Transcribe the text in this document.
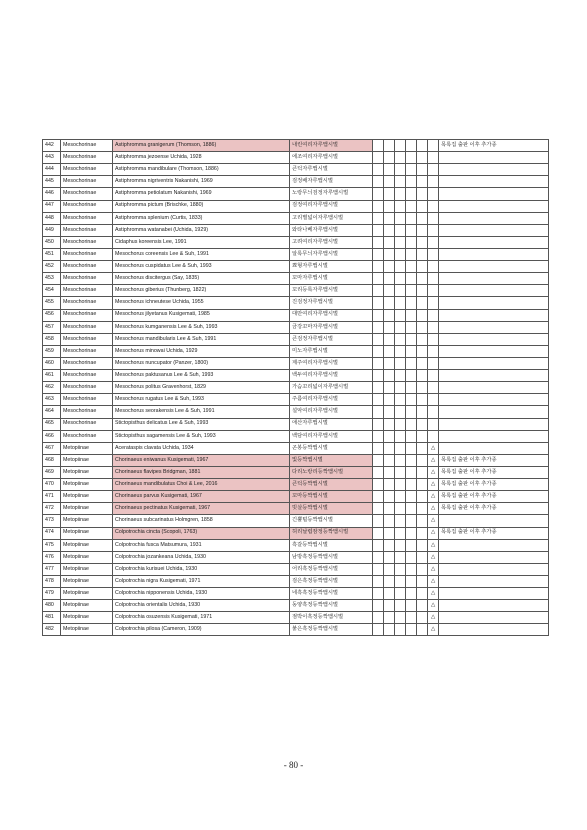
442	Mesochorinae	Astiphromma granigerum (Thomson, 1886)	내린여리자루맵시벌							목록집 출판 이후 추가종
443	Mesochorinae	Astiphromma jezoense Uchida, 1928	에조여리자루맵시벌							
444	Mesochorinae	Astiphromma mandibulare (Thomson, 1886)	큰턱자루맵시벌							
445	Mesochorinae	Astiphromma nigriventris Nakanishi, 1969	검정배자루맵시벌							
446	Mesochorinae	Astiphromma petiolatum Nakanishi, 1969	노랑무늬검정자루맵시벌							
447	Mesochorinae	Astiphromma pictum (Brischke, 1880)	검정여리자루맵시벌							
448	Mesochorinae	Astiphromma splenium (Curtis, 1833)	고리별넓이자루맵시벌							
449	Mesochorinae	Astiphromma watanabei (Uchida, 1929)	와타나베자루맵시벌							
450	Mesochorinae	Cidaphus koreensis Lee, 1991	고려여리자루맵시벌							
451	Mesochorinae	Mesochorus coreensis Lee & Suh, 1991	알록무늬자루맵시벌							
452	Mesochorinae	Mesochorus cuspidatus Lee & Suh, 1993	뾰형자루맵시벌							
453	Mesochorinae	Mesochorus discitergus (Say, 1835)	꼬마자루맵시벌							
454	Mesochorinae	Mesochorus giberius (Thunberg, 1822)	꼬리등록자루맵시벌							
455	Mesochorinae	Mesochorus ichneutese Uchida, 1955	진검정자루맵시벌							
456	Mesochorinae	Mesochorus jilyetanus Kusigemati, 1985	대만여리자루맵시벌							
457	Mesochorinae	Mesochorus kumganensis Lee & Suh, 1993	금강꼬마자루맵시벌							
458	Mesochorinae	Mesochorus mandibularis Lee & Suh, 1991	큰검정자루맵시벌							
459	Mesochorinae	Mesochorus minowai Uchida, 1929	미노자루맵시벌							
460	Mesochorinae	Mesochorus nuncupator (Panzer, 1800)	제주여리자루맵시벌							
461	Mesochorinae	Mesochorus paktusanus Lee & Suh, 1993	백두여리자루맵시벌							
462	Mesochorinae	Mesochorus politus Gravenhorst, 1829	가슴꼬리넓이자루맵시벌							
463	Mesochorinae	Mesochorus rugatus Lee & Suh, 1993	주름여리자루맵시벌							
464	Mesochorinae	Mesochorus seorakensis Lee & Suh, 1991	설악여리자루맵시벌							
465	Mesochorinae	Stictopisthus delicatus Lee & Suh, 1993	애산자루맵시벌							
466	Mesochorinae	Stictopisthus sagamensis Lee & Suh, 1993	백담여리자루맵시벌							
467	Metopiinae	Acerataspis clavata Uchida, 1934	곤봉등짝맵시벌						△	
468	Metopiinae	Chorinaeus eniwanus Kusigemati, 1967	빛등짝맵시벌						△	목록집 출판 이후 추가종
469	Metopiinae	Chorinaeus flavipes Bridgman, 1881	다리노랑리등짝맵시벌						△	목록집 출판 이후 추가종
470	Metopiinae	Chorinaeus mandibulatus Choi & Lee, 2016	큰턱등짝맵시벌						△	목록집 출판 이후 추가종
471	Metopiinae	Chorinaeus parvus Kusigemati, 1967	꼬마등짝맵시벌						△	목록집 출판 이후 추가종
472	Metopiinae	Chorinaeus pectinatus Kusigemati, 1967	빗살등짝맵시벌						△	목록집 출판 이후 추가종
473	Metopiinae	Chorinaeus subcarinatus Holmgren, 1858	긴뿔털등짝맵시벌						△	
474	Metopiinae	Colpotrochia cincta (Scopoli, 1763)	허리날렵잠정등짝맵시벌						△	목록집 출판 이후 추가종
475	Metopiinae	Colpotrochia fusca Matsumura, 1931	흑갈등짝맵시벌						△	
476	Metopiinae	Colpotrochia jozankeana Uchida, 1930	남방흑정등짝맵시벌						△	
477	Metopiinae	Colpotrochia kurisuei Uchida, 1930	어리흑정등짝맵시벌						△	
478	Metopiinae	Colpotrochia nigra Kusigemati, 1971	검은흑정등짝맵시벌						△	
479	Metopiinae	Colpotrochia nipponensis Uchida, 1930	네흑흑정등짝맵시벌						△	
480	Metopiinae	Colpotrochia orientalis Uchida, 1930	동양흑정등짝맵시벌						△	
481	Metopiinae	Colpotrochia osuzensis Kusigemati, 1971	점박이흑정등짝맵시벌						△	
482	Metopiinae	Colpotrochia pilosa (Cameron, 1909)	붉은흑정등짝맵시벌						△	
- 80 -
